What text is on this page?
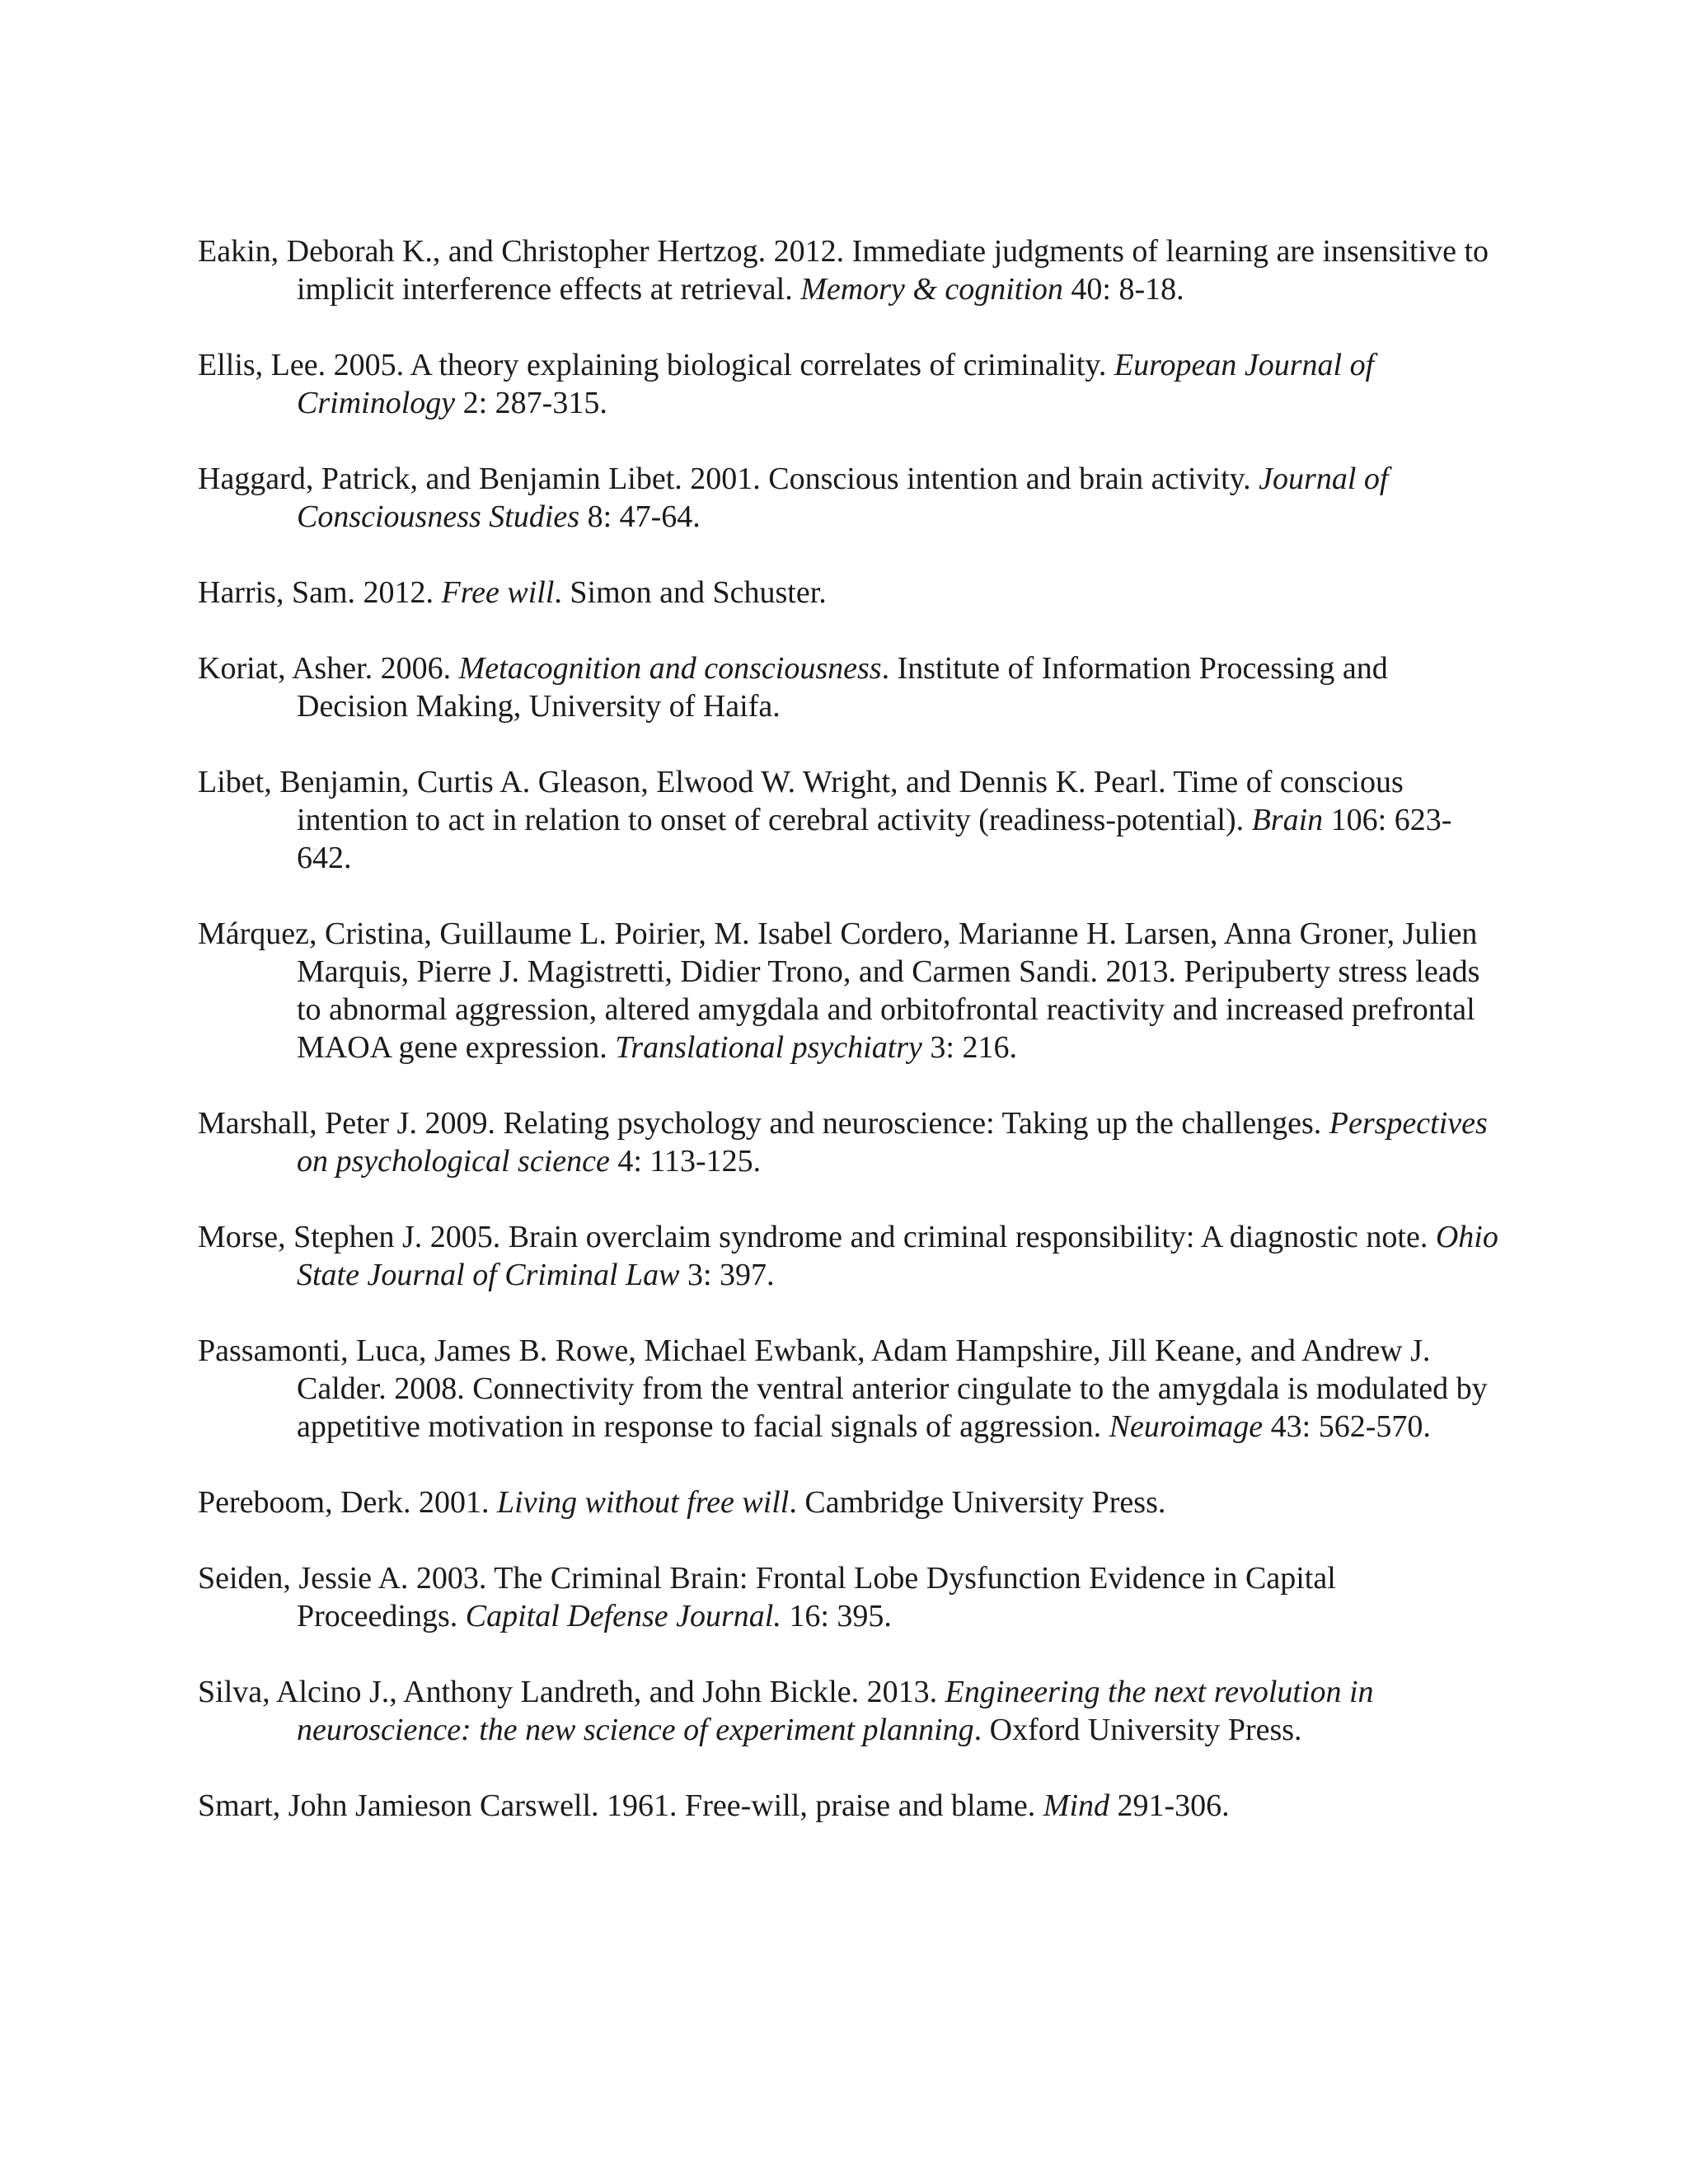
Eakin, Deborah K., and Christopher Hertzog. 2012. Immediate judgments of learning are insensitive to implicit interference effects at retrieval. Memory & cognition 40: 8-18.

Ellis, Lee. 2005. A theory explaining biological correlates of criminality. European Journal of Criminology 2: 287-315.

Haggard, Patrick, and Benjamin Libet. 2001. Conscious intention and brain activity. Journal of Consciousness Studies 8: 47-64.

Harris, Sam. 2012. Free will. Simon and Schuster.

Koriat, Asher. 2006. Metacognition and consciousness. Institute of Information Processing and Decision Making, University of Haifa.

Libet, Benjamin, Curtis A. Gleason, Elwood W. Wright, and Dennis K. Pearl. Time of conscious intention to act in relation to onset of cerebral activity (readiness-potential). Brain 106: 623-642.

Márquez, Cristina, Guillaume L. Poirier, M. Isabel Cordero, Marianne H. Larsen, Anna Groner, Julien Marquis, Pierre J. Magistretti, Didier Trono, and Carmen Sandi. 2013. Peripuberty stress leads to abnormal aggression, altered amygdala and orbitofrontal reactivity and increased prefrontal MAOA gene expression. Translational psychiatry 3: 216.

Marshall, Peter J. 2009. Relating psychology and neuroscience: Taking up the challenges. Perspectives on psychological science 4: 113-125.

Morse, Stephen J. 2005. Brain overclaim syndrome and criminal responsibility: A diagnostic note. Ohio State Journal of Criminal Law 3: 397.

Passamonti, Luca, James B. Rowe, Michael Ewbank, Adam Hampshire, Jill Keane, and Andrew J. Calder. 2008. Connectivity from the ventral anterior cingulate to the amygdala is modulated by appetitive motivation in response to facial signals of aggression. Neuroimage 43: 562-570.

Pereboom, Derk. 2001. Living without free will. Cambridge University Press.

Seiden, Jessie A. 2003. The Criminal Brain: Frontal Lobe Dysfunction Evidence in Capital Proceedings. Capital Defense Journal. 16: 395.

Silva, Alcino J., Anthony Landreth, and John Bickle. 2013. Engineering the next revolution in neuroscience: the new science of experiment planning. Oxford University Press.

Smart, John Jamieson Carswell. 1961. Free-will, praise and blame. Mind 291-306.
